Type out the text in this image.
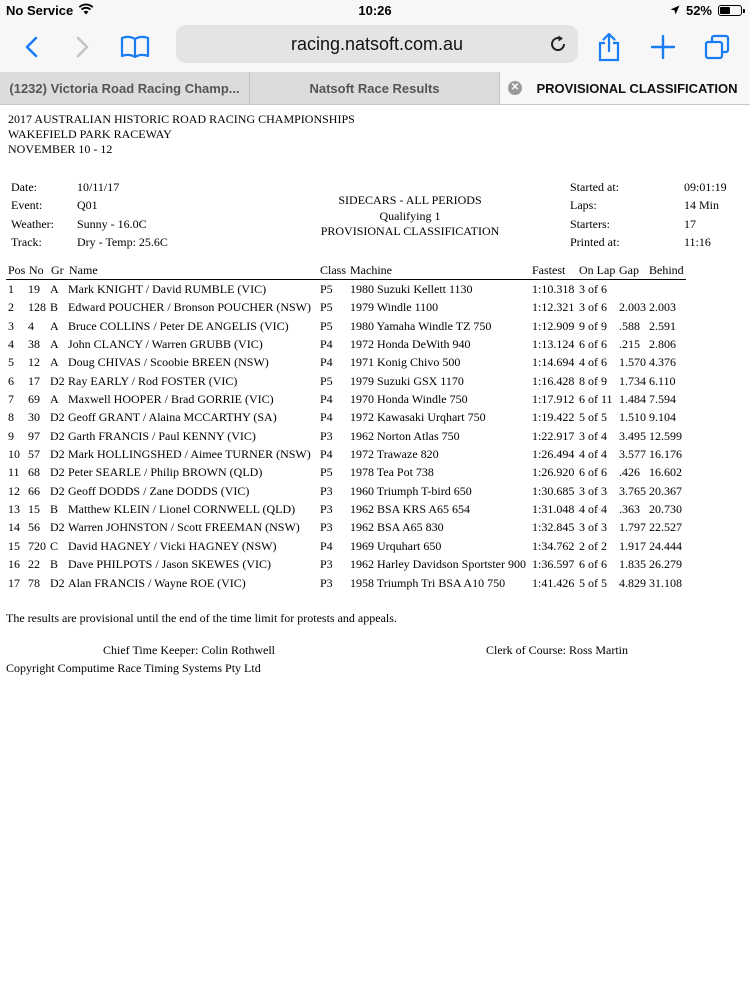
No Service	10:26	52%
racing.natsoft.com.au
(1232) Victoria Road Racing Champ...	Natsoft Race Results	✕	PROVISIONAL CLASSIFICATION
2017 AUSTRALIAN HISTORIC ROAD RACING CHAMPIONSHIPS
WAKEFIELD PARK RACEWAY
NOVEMBER 10 - 12
Date:	10/11/17
Event:	Q01
Weather: Sunny - 16.0C
Track:	Dry - Temp: 25.6C
SIDECARS - ALL PERIODS
Qualifying 1
PROVISIONAL CLASSIFICATION
Started at:	09:01:19
Laps:	14 Min
Starters:	17
Printed at:	11:16
Pos No Gr Name	Class Machine	Fastest On Lap Gap Behind
1 19 A Mark KNIGHT / David RUMBLE (VIC)	P5 1980 Suzuki Kellett 1130	1:10.318 3 of 6
2 128 B Edward POUCHER / Bronson POUCHER (NSW) P5 1979 Windle 1100	1:12.321 3 of 6 2.003 2.003
3 4 A Bruce COLLINS / Peter DE ANGELIS (VIC)	P5 1980 Yamaha Windle TZ 750	1:12.909 9 of 9 .588 2.591
4 38 A John CLANCY / Warren GRUBB (VIC)	P4 1972 Honda DeWith 940	1:13.124 6 of 6 .215 2.806
5 12 A Doug CHIVAS / Scoobie BREEN (NSW)	P4 1971 Konig Chivo 500	1:14.694 4 of 6 1.570 4.376
6 17 D2 Ray EARLY / Rod FOSTER (VIC)	P5 1979 Suzuki GSX 1170	1:16.428 8 of 9 1.734 6.110
7 69 A Maxwell HOOPER / Brad GORRIE (VIC)	P4 1970 Honda Windle 750	1:17.912 6 of 11 1.484 7.594
8 30 D2 Geoff GRANT / Alaina MCCARTHY (SA)	P4 1972 Kawasaki Urqhart 750	1:19.422 5 of 5 1.510 9.104
9 97 D2 Garth FRANCIS / Paul KENNY (VIC)	P3 1962 Norton Atlas 750	1:22.917 3 of 4 3.495 12.599
10 57 D2 Mark HOLLINGSHED / Aimee TURNER (NSW) P4 1972 Trawaze 820	1:26.494 4 of 4 3.577 16.176
11 68 D2 Peter SEARLE / Philip BROWN (QLD)	P5 1978 Tea Pot 738	1:26.920 6 of 6 .426 16.602
12 66 D2 Geoff DODDS / Zane DODDS (VIC)	P3 1960 Triumph T-bird 650	1:30.685 3 of 3 3.765 20.367
13 15 B Matthew KLEIN / Lionel CORNWELL (QLD) P3 1962 BSA KRS A65 654	1:31.048 4 of 4 .363 20.730
14 56 D2 Warren JOHNSTON / Scott FREEMAN (NSW) P3 1962 BSA A65 830	1:32.845 3 of 3 1.797 22.527
15 720 C David HAGNEY / Vicki HAGNEY (NSW)	P4 1969 Urquhart 650	1:34.762 2 of 2 1.917 24.444
16 22 B Dave PHILPOTS / Jason SKEWES (VIC)	P3 1962 Harley Davidson Sportster 900 1:36.597 6 of 6 1.835 26.279
17 78 D2 Alan FRANCIS / Wayne ROE (VIC)	P3 1958 Triumph Tri BSA A10 750 1:41.426 5 of 5 4.829 31.108
The results are provisional until the end of the time limit for protests and appeals.
Chief Time Keeper: Colin Rothwell	Clerk of Course: Ross Martin
Copyright Computime Race Timing Systems Pty Ltd
